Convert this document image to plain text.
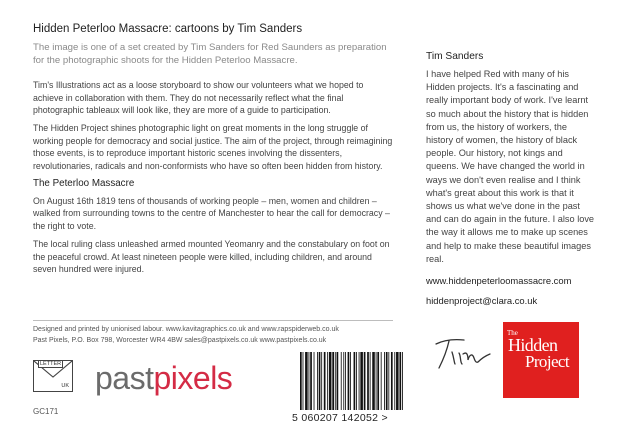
Hidden Peterloo Massacre: cartoons by Tim Sanders
The image is one of a set created by Tim Sanders for Red Saunders as preparation for the photographic shoots for the Hidden Peterloo Massacre.

Tim's Illustrations act as a loose storyboard to show our volunteers what we hoped to achieve in collaboration with them. They do not necessarily reflect what the final photographic tableaux will look like, they are more of a guide to participation.

The Hidden Project shines photographic light on great moments in the long struggle of working people for democracy and social justice. The aim of the project, through reimagining those events, is to reproduce important historic scenes involving the dissenters, revolutionaries, radicals and non-conformists who have so often been hidden from history.

The Peterloo Massacre

On August 16th 1819 tens of thousands of working people – men, women and children – walked from surrounding towns to the centre of Manchester to hear the call for democracy – the right to vote.

The local ruling class unleashed armed mounted Yeomanry and the constabulary on foot on the peaceful crowd. At least nineteen people were killed, including children, and around seven hundred were injured.

Tim Sanders
I have helped Red with many of his Hidden projects. It's a fascinating and really important body of work. I've learnt so much about the history that is hidden from us, the history of workers, the history of women, the history of black people. Our history, not kings and queens. We have changed the world in ways we don't even realise and I think what's great about this work is that it shows us what we've done in the past and can do again in the future. I also love the way it allows me to make up scenes and help to make these beautiful images real.
www.hiddenpeterloomassacre.com
hiddenproject@clara.co.uk
Designed and printed by unionised labour. www.kavitagraphics.co.uk and www.rapspiderweb.co.uk
Past Pixels, P.O. Box 798, Worcester WR4 4BW sales@pastpixels.co.uk www.pastpixels.co.uk
LETTER
UK pastpixels
GC171
5 060207 142052 >
The
Hidden
Project
